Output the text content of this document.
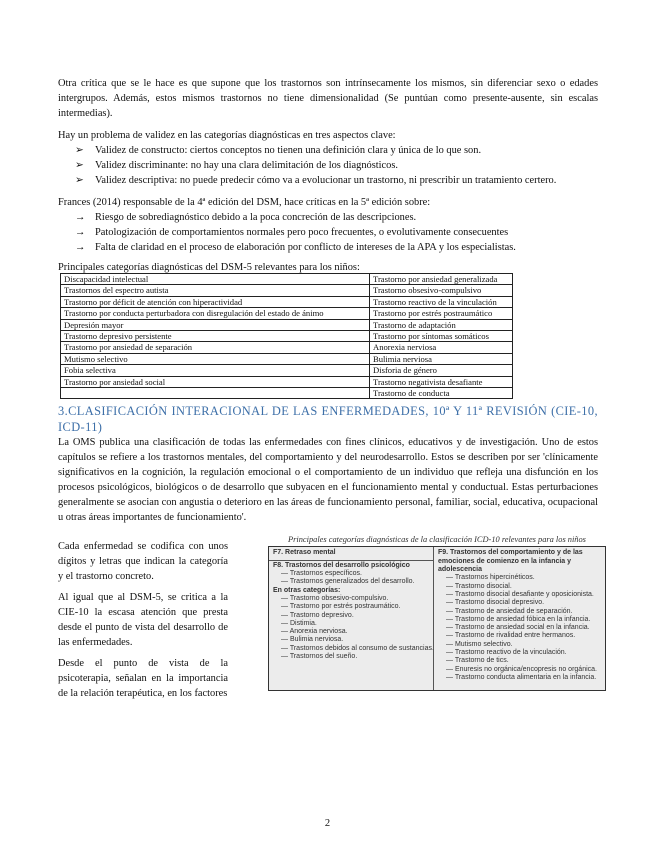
Otra crítica que se le hace es que supone que los trastornos son intrínsecamente los mismos, sin diferenciar sexo o edades intergrupos. Además, estos mismos trastornos no tiene dimensionalidad (Se puntúan como presente-ausente, sin escalas intermedias).

Hay un problema de validez en las categorías diagnósticas en tres aspectos clave:

➢ Validez de constructo: ciertos conceptos no tienen una definición clara y única de lo que son.
➢ Validez discriminante: no hay una clara delimitación de los diagnósticos.
➢ Validez descriptiva: no puede predecir cómo va a evolucionar un trastorno, ni prescribir un tratamiento certero.

Frances (2014) responsable de la 4ª edición del DSM, hace críticas en la 5ª edición sobre:

→ Riesgo de sobrediagnóstico debido a la poca concreción de las descripciones.
→ Patologización de comportamientos normales pero poco frecuentes, o evolutivamente consecuentes
→ Falta de claridad en el proceso de elaboración por conflicto de intereses de la APA y los especialistas.

Principales categorías diagnósticas del DSM-5 relevantes para los niños:

Discapacidad intelectual	Trastorno por ansiedad generalizada
Trastornos del espectro autista	Trastorno obsesivo-compulsivo
Trastorno por déficit de atención con hiperactividad	Trastorno reactivo de la vinculación
Trastorno por conducta perturbadora con disregulación del estado de ánimo	Trastorno por estrés postraumático
Depresión mayor	Trastorno de adaptación
Trastorno depresivo persistente	Trastorno por síntomas somáticos
Trastorno por ansiedad de separación	Anorexia nerviosa
Mutismo selectivo	Bulimia nerviosa
Fobia selectiva	Disforia de género
Trastorno por ansiedad social	Trastorno negativista desafiante
	Trastorno de conducta
3.CLASIFICACIÓN INTERACIONAL DE LAS ENFERMEDADES, 10ª Y 11ª REVISIÓN (CIE-10, ICD-11)

La OMS publica una clasificación de todas las enfermedades con fines clínicos, educativos y de investigación. Uno de estos capítulos se refiere a los trastornos mentales, del comportamiento y del neurodesarrollo. Estos se describen por ser 'clínicamente significativos en la cognición, la regulación emocional o el comportamiento de un individuo que refleja una disfunción en los procesos psicológicos, biológicos o de desarrollo que subyacen en el funcionamiento mental y conductual. Estas perturbaciones generalmente se asocian con angustia o deterioro en las áreas de funcionamiento personal, familiar, social, educativa, ocupacional u otras áreas importantes de funcionamiento'.

Cada enfermedad se codifica con unos dígitos y letras que indican la categoría y el trastorno concreto.

Al igual que al DSM-5, se critica a la CIE-10 la escasa atención que presta desde el punto de vista del desarrollo de las enfermedades.

Desde el punto de vista de la psicoterapia, señalan en la importancia de la relación terapéutica, en los factores

Principales categorías diagnósticas de la clasificación ICD-10 relevantes para los niños
F7. Retraso mental
F8. Trastornos del desarrollo psicológico
— Trastornos específicos.
— Trastornos generalizados del desarrollo.
En otras categorías:
— Trastorno obsesivo-compulsivo.
— Trastorno por estrés postraumático.
— Trastorno depresivo.
— Distimia.
— Anorexia nerviosa.
— Bulimia nerviosa.
— Trastornos debidos al consumo de sustancias.
— Trastornos del sueño.
F9. Trastornos del comportamiento y de las emociones de comienzo en la infancia y adolescencia
— Trastornos hipercinéticos.
— Trastorno disocial.
— Trastorno disocial desafiante y oposicionista.
— Trastorno disocial depresivo.
— Trastorno de ansiedad de separación.
— Trastorno de ansiedad fóbica en la infancia.
— Trastorno de ansiedad social en la infancia.
— Trastorno de rivalidad entre hermanos.
— Mutismo selectivo.
— Trastorno reactivo de la vinculación.
— Trastorno de tics.
— Enuresis no orgánica/encopresis no orgánica.
— Trastorno conducta alimentaria en la infancia.
2
